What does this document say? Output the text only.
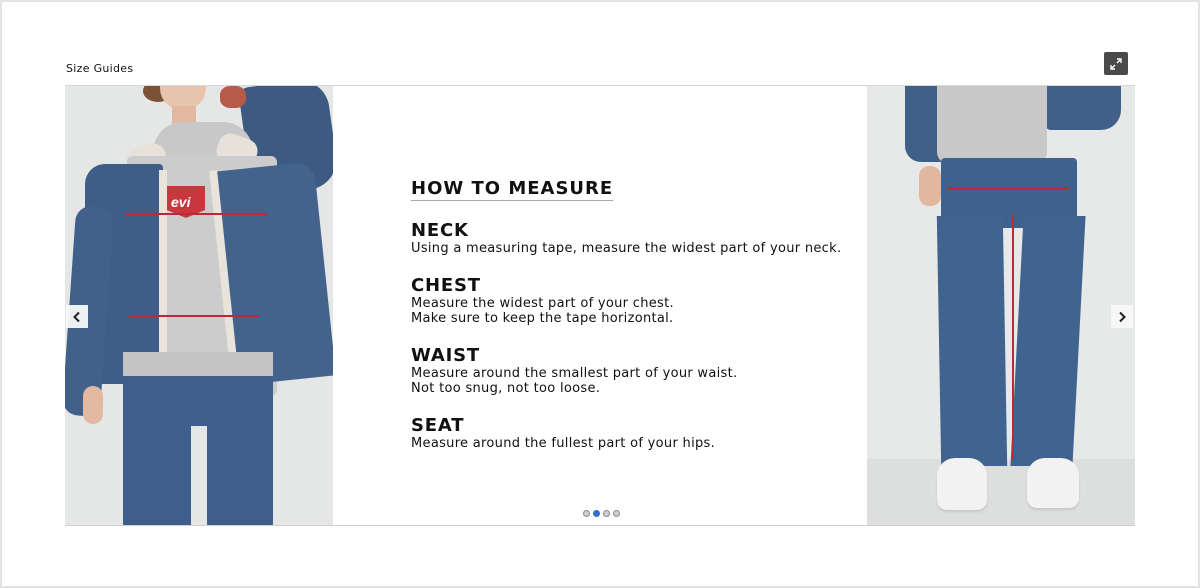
Size Guides
evi
HOW TO MEASURE
NECK
Using a measuring tape, measure the widest part of your neck.
CHEST
Measure the widest part of your chest.
Make sure to keep the tape horizontal.
WAIST
Measure around the smallest part of your waist.
Not too snug, not too loose.
SEAT
Measure around the fullest part of your hips.
